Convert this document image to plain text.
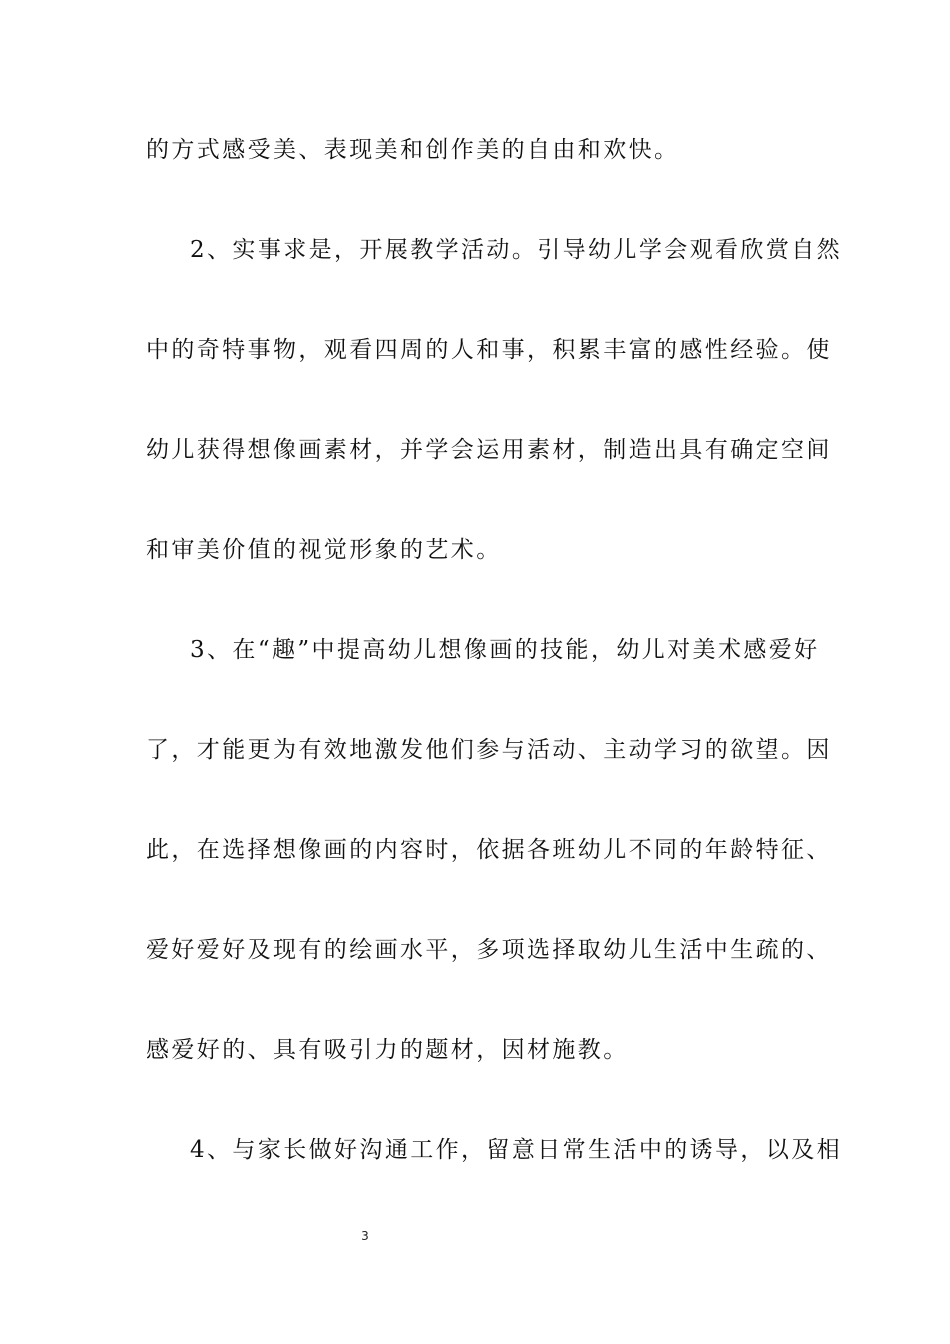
的方式感受美、表现美和创作美的自由和欢快。
2、实事求是，开展教学活动。引导幼儿学会观看欣赏自然
中的奇特事物，观看四周的人和事，积累丰富的感性经验。使
幼儿获得想像画素材，并学会运用素材，制造出具有确定空间
和审美价值的视觉形象的艺术。
3、在“趣”中提高幼儿想像画的技能，幼儿对美术感爱好
了，才能更为有效地激发他们参与活动、主动学习的欲望。因
此，在选择想像画的内容时，依据各班幼儿不同的年龄特征、
爱好爱好及现有的绘画水平，多项选择取幼儿生活中生疏的、
感爱好的、具有吸引力的题材，因材施教。
4、与家长做好沟通工作，留意日常生活中的诱导，以及相
3
